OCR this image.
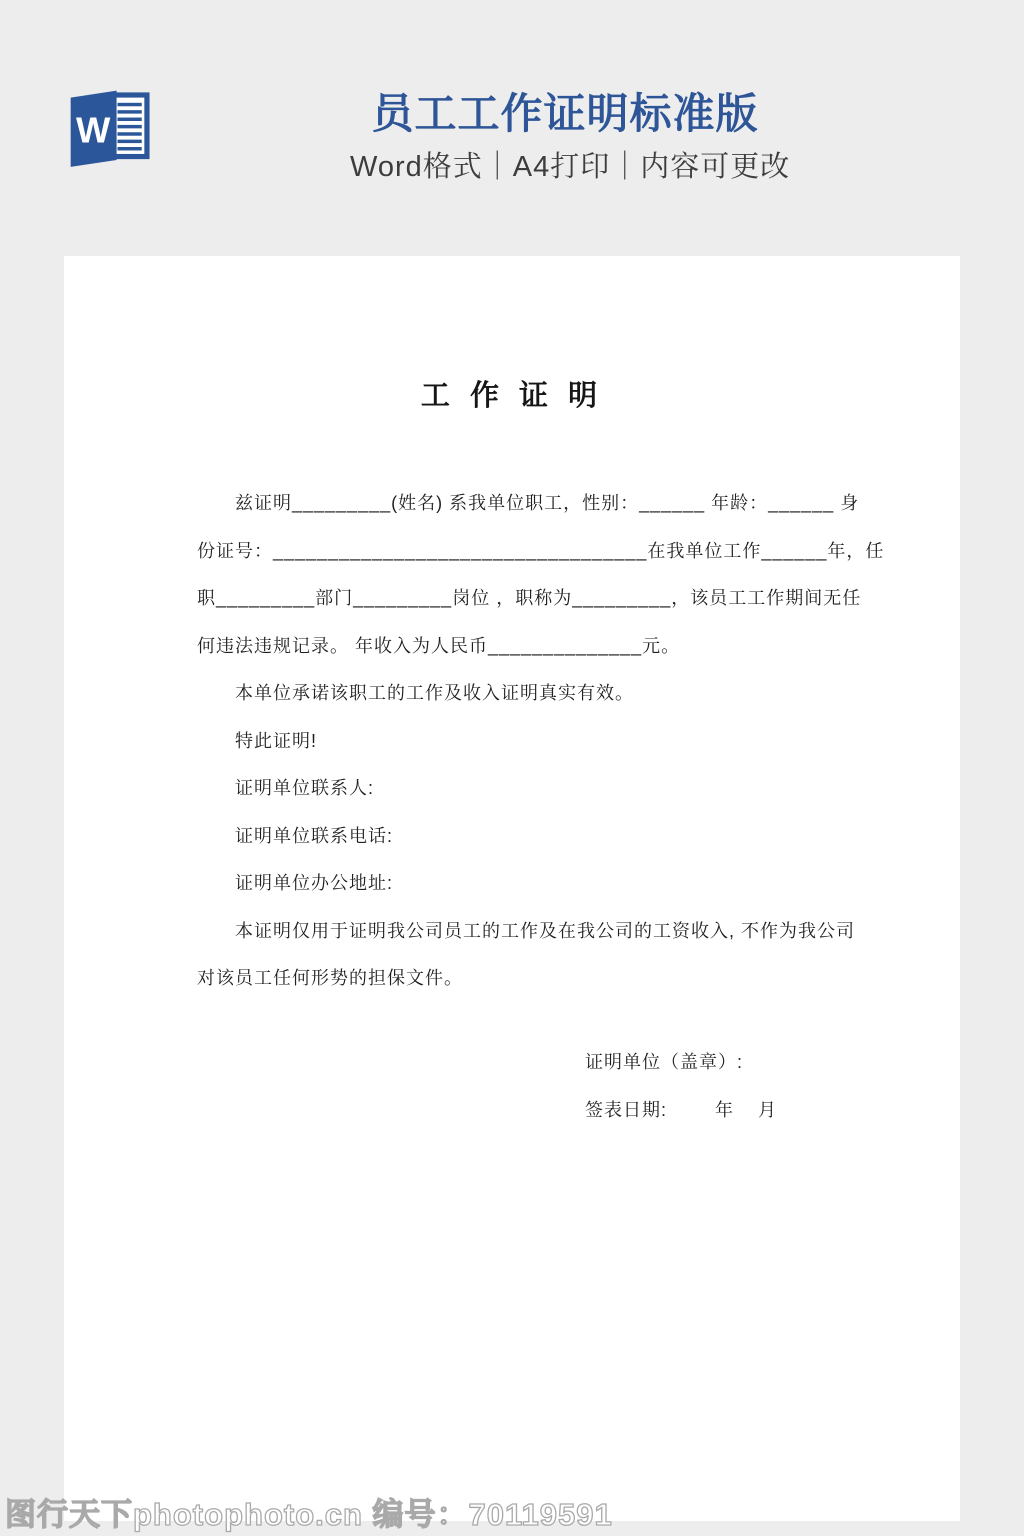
W	员工工作证明标准版
Word格式｜A4打印｜内容可更改
工 作 证 明
　　兹证明_________(姓名) 系我单位职工，性别：______ 年龄：______ 身
份证号：__________________________________在我单位工作______年，任
职_________部门_________岗位 ，职称为_________，该员工工作期间无任
何违法违规记录。 年收入为人民币______________元。
　　本单位承诺该职工的工作及收入证明真实有效。
　　特此证明!
　　证明单位联系人:
　　证明单位联系电话:
　　证明单位办公地址:
　　本证明仅用于证明我公司员工的工作及在我公司的工资收入, 不作为我公司
对该员工任何形势的担保文件。
证明单位（盖章）:
签表日期:        年    月
图行天下photophoto.cn 编号：70119591
